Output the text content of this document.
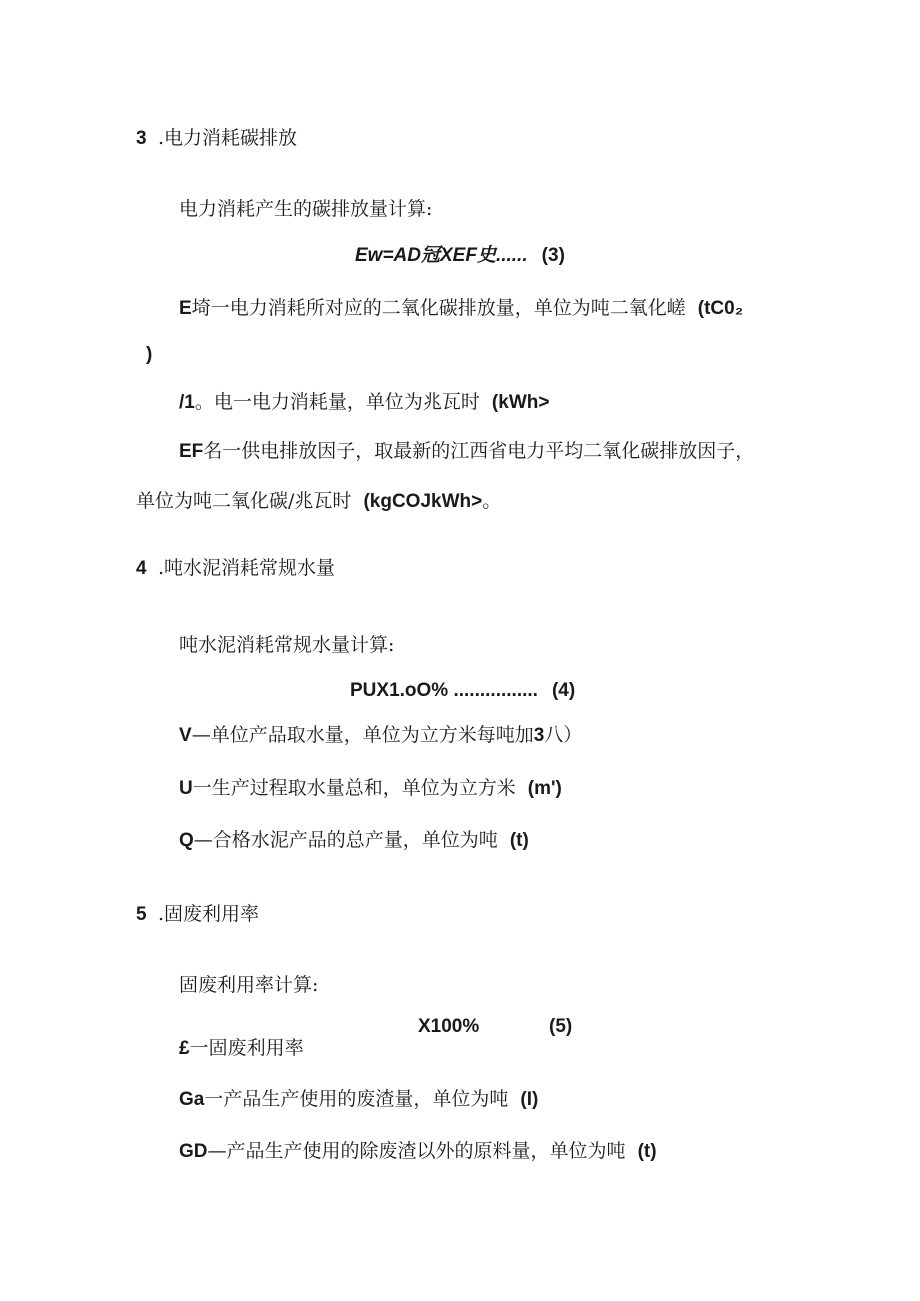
3 .电力消耗碳排放
电力消耗产生的碳排放量计算:
Ew=AD冠XEF史...... (3)
E埼一电力消耗所对应的二氧化碳排放量，单位为吨二氧化嵯 (tC0₂
)
/1。电一电力消耗量，单位为兆瓦时 (kWh>
EF名一供电排放因子，取最新的江西省电力平均二氧化碳排放因子，
单位为吨二氧化碳/兆瓦时 (kgCOJkWh>。
4 .吨水泥消耗常规水量
吨水泥消耗常规水量计算:
PUX1.oO% ................ (4)
V—单位产品取水量，单位为立方米每吨加3八）
U一生产过程取水量总和，单位为立方米 (m')
Q—合格水泥产品的总产量，单位为吨 (t)
5 .固废利用率
固废利用率计算:
X100%	(5)
£一固废利用率
Ga一产品生产使用的废渣量，单位为吨 (I)
GD—产品生产使用的除废渣以外的原料量，单位为吨 (t)
